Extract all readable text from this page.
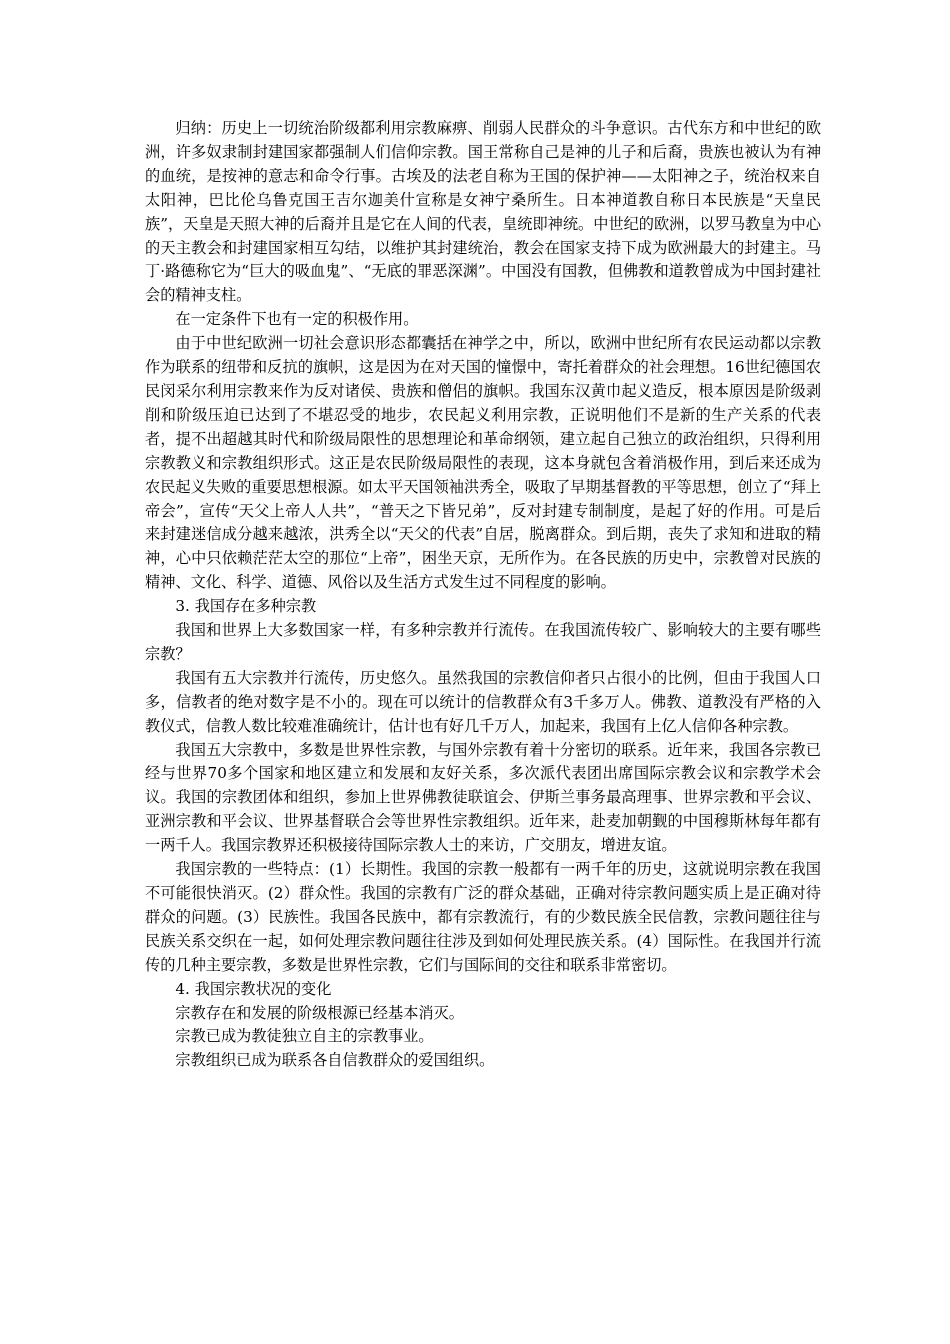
归纳：历史上一切统治阶级都利用宗教麻痹、削弱人民群众的斗争意识。古代东方和中世纪的欧洲，许多奴隶制封建国家都强制人们信仰宗教。国王常称自己是神的儿子和后裔，贵族也被认为有神的血统，是按神的意志和命令行事。古埃及的法老自称为王国的保护神——太阳神之子，统治权来自太阳神，巴比伦乌鲁克国王吉尔迦美什宣称是女神宁桑所生。日本神道教自称日本民族是“天皇民族”，天皇是天照大神的后裔并且是它在人间的代表，皇统即神统。中世纪的欧洲，以罗马教皇为中心的天主教会和封建国家相互勾结，以维护其封建统治，教会在国家支持下成为欧洲最大的封建主。马丁·路德称它为“巨大的吸血鬼”、“无底的罪恶深渊”。中国没有国教，但佛教和道教曾成为中国封建社会的精神支柱。

在一定条件下也有一定的积极作用。

由于中世纪欧洲一切社会意识形态都囊括在神学之中，所以，欧洲中世纪所有农民运动都以宗教作为联系的纽带和反抗的旗帜，这是因为在对天国的憧憬中，寄托着群众的社会理想。16世纪德国农民闵采尔利用宗教来作为反对诸侯、贵族和僧侣的旗帜。我国东汉黄巾起义造反，根本原因是阶级剥削和阶级压迫已达到了不堪忍受的地步，农民起义利用宗教，正说明他们不是新的生产关系的代表者，提不出超越其时代和阶级局限性的思想理论和革命纲领，建立起自己独立的政治组织，只得利用宗教教义和宗教组织形式。这正是农民阶级局限性的表现，这本身就包含着消极作用，到后来还成为农民起义失败的重要思想根源。如太平天国领袖洪秀全，吸取了早期基督教的平等思想，创立了“拜上帝会”，宣传“天父上帝人人共”，“普天之下皆兄弟”，反对封建专制制度，是起了好的作用。可是后来封建迷信成分越来越浓，洪秀全以“天父的代表”自居，脱离群众。到后期，丧失了求知和进取的精神，心中只依赖茫茫太空的那位“上帝”，困坐天京，无所作为。在各民族的历史中，宗教曾对民族的精神、文化、科学、道德、风俗以及生活方式发生过不同程度的影响。

3. 我国存在多种宗教

我国和世界上大多数国家一样，有多种宗教并行流传。在我国流传较广、影响较大的主要有哪些宗教？

我国有五大宗教并行流传，历史悠久。虽然我国的宗教信仰者只占很小的比例，但由于我国人口多，信教者的绝对数字是不小的。现在可以统计的信教群众有3千多万人。佛教、道教没有严格的入教仪式，信教人数比较难准确统计，估计也有好几千万人，加起来，我国有上亿人信仰各种宗教。

我国五大宗教中，多数是世界性宗教，与国外宗教有着十分密切的联系。近年来，我国各宗教已经与世界70多个国家和地区建立和发展和友好关系，多次派代表团出席国际宗教会议和宗教学术会议。我国的宗教团体和组织，参加上世界佛教徒联谊会、伊斯兰事务最高理事、世界宗教和平会议、亚洲宗教和平会议、世界基督联合会等世界性宗教组织。近年来，赴麦加朝觐的中国穆斯林每年都有一两千人。我国宗教界还积极接待国际宗教人士的来访，广交朋友，增进友谊。

我国宗教的一些特点：(1）长期性。我国的宗教一般都有一两千年的历史，这就说明宗教在我国不可能很快消灭。(2）群众性。我国的宗教有广泛的群众基础，正确对待宗教问题实质上是正确对待群众的问题。(3）民族性。我国各民族中，都有宗教流行，有的少数民族全民信教，宗教问题往往与民族关系交织在一起，如何处理宗教问题往往涉及到如何处理民族关系。(4）国际性。在我国并行流传的几种主要宗教，多数是世界性宗教，它们与国际间的交往和联系非常密切。

4. 我国宗教状况的变化

宗教存在和发展的阶级根源已经基本消灭。

宗教已成为教徒独立自主的宗教事业。

宗教组织已成为联系各自信教群众的爱国组织。
